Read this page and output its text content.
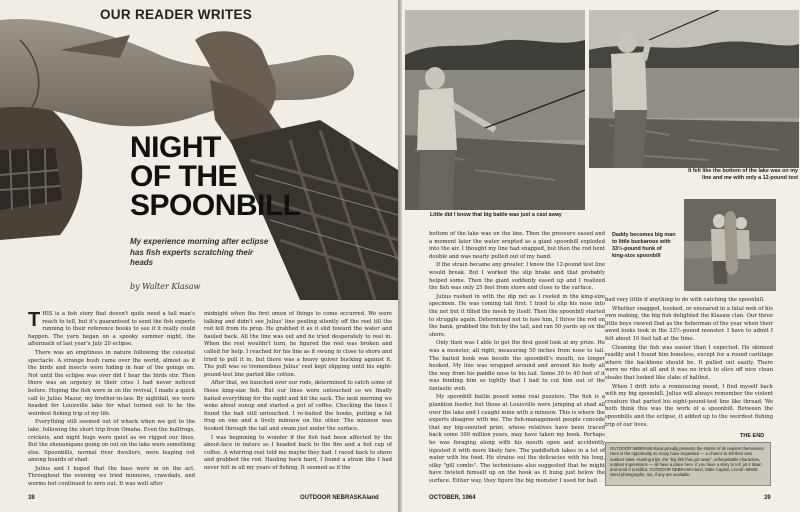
OUR READER WRITES
NIGHT
OF THE
SPOONBILL
My experience morning after eclipse has fish experts scratching their heads
by Walter Klasaw

THIS is a fish story that doesn't quite need a tall man's reach to tell, but it's guaranteed to send the fish experts running to their reference books to see if it really could happen. The yarn began on a spooky summer night, the aftermath of last year's July 20 eclipse.

There was an emptiness in nature following the celestial spectacle. A strange hush came over the world, almost as if the birds and insects were hiding in fear of the goings on. Not until the eclipse was over did I hear the birds stir. Then there was an urgency in their cries I had never noticed before. Hoping the fish were in on the revival, I made a quick call to Julius Mazur, my brother-in-law. By nightfall, we were headed for Louisville lake for what turned out to be the weirdest fishing trip of my life.

Everything still seemed out of whack when we got to the lake, following the short trip from Omaha. Even the bullfrogs, crickets, and night bugs were quiet as we rigged our lines. But the shenanigans going on out on the lake were something else. Spoonbills, normal river dwellers, were leaping out among hoards of shad.

Julius and I hoped that the bass were in on the act. Throughout the evening we tried minnows, crawdads, and worms but continued to zero out. It was well after

midnight when the first omen of things to come occurred. We were talking and didn't see Julius' line peeling silently off the reel till the rod fell from its prop. He grabbed it as it slid toward the water and hauled back. All the line was out and he tried desperately to reel in. When the reel wouldn't turn, he figured the reel was broken and called for help. I reached for his line as it swung in close to shore and tried to pull it in, but there was a heavy quiver bucking against it. The pull was so tremendous Julius' reel kept slipping until his eight-pound-test line parted like cotton.

After that, we hunched over our rods, determined to catch some of those king-size fish. But our lines were untouched so we finally baited everything for the night and hit the sack. The next morning we woke about sunup and started a pot of coffee. Checking the lines I found the bait still untouched. I re-baited the hooks, putting a fat frog on one and a lively minnow on the other. The minnow was hooked through the tail and swam just under the surface.

I was beginning to wonder if the fish had been affected by the about-face in nature as I headed back to the fire and a hot cup of coffee. A whirring reel told me maybe they had. I raced back to shore and grabbed the rod. Hauling back hard, I found a strain like I had never felt in all my years of fishing. It seemed as if the

38	OUTDOOR NEBRASKAland
Little did I know that big battle was just a cast away
It felt like the bottom of the lake was on my line and me with only a 12-pound test
Daddy becomes big man to little buckaroos with 33½-pound hunk of king-size spoonbill

bottom of the lake was on the line. Then the pressure eased and a moment later the water erupted as a giant spoonbill exploded into the air. I thought my line had snapped, but then the rod bent double and was nearly pulled out of my hand.

If the strain became any greater, I knew the 12-pound test line would break. But I worked the slip brake and that probably helped some. Then the giant suddenly eased up and I realized the fish was only 25 feet from shore and close to the surface.

Julius rushed in with the dip net as I reeled in the king-size specimen. He was coming tail first. I tried to slip his nose into the net but it filled the mesh by itself. Then the spoonbill started to struggle again. Determined not to lose him, I threw the rod on the bank, grabbed the fish by the tail, and ran 50 yards up on the shore.

Only then was I able to get the first good look at my prize. He was a monster, all right, measuring 50 inches from nose to tail. The baited hook was beside the spoonbill's mouth, no longer hooked. My line was wrapped around and around his body all the way from his paddle nose to his tail. Some 30 to 40 feet of it was binding him so tightly that I had to cut him out of the fantastic web.

My spoonbill battle posed some real puzzlers. The fish is a plankton feeder, but those at Louisville were jumping at shad all over the lake and I caught mine with a minnow. This is where the experts disagree with me. The fish-management people concede that my big-snouted prize, whose relatives have been traced back some 300 million years, may have taken my hook. Perhaps he was foraging along with his mouth open and accidently injested it with more likely fare. The paddlefish takes in a lot of water with his food. He strains out the delicacies with his long, silky "gill combs". The technicians also suggested that he might have twisted himself up on the hook as it hung just below the surface. Either way, they figure the big monster I used for bait

had very little if anything to do with catching the spoonbill.

Whether snagged, hooked, or ensnared in a fatal web of his own making, the big fish delighted the Klasaw clan. Our three little boys viewed Dad as the fisherman of the year when their awed looks took in the 33½-pound monster. I have to admit I felt about 10 feet tall at the time.

Cleaning the fish was easier than I expected. He skinned readily and I found him boneless, except for a round cartilage where the backbone should be. It pulled out easily. There were no ribs at all and it was no trick to slice off nice clean steaks that looked like slabs of halibut.

When I drift into a reminiscing mood, I find myself back with my big spoonbill. Julius will always remember the violent creature that parted his eight-pound-test line like thread. We both think this was the work of a spoonbill. Between the spoonbills and the eclipse, it added up to the weirdest fishing trip of our lives.

OCTOBER, 1964	39
THE END
OUTDOOR NEBRASKAland proudly presents the stories of its readers themselves. Here is the opportunity so many have requested — a chance to tell their own outdoor tales. Hunting trips, the "big fish that got away", unforgettable characters, outdoor impressions — all have a place here. If you have a story to tell, jot it down and send it to Editor, OUTDOOR NEBRASKAland, State Capitol, Lincoln 68509. Send photographs, too, if any are available.
